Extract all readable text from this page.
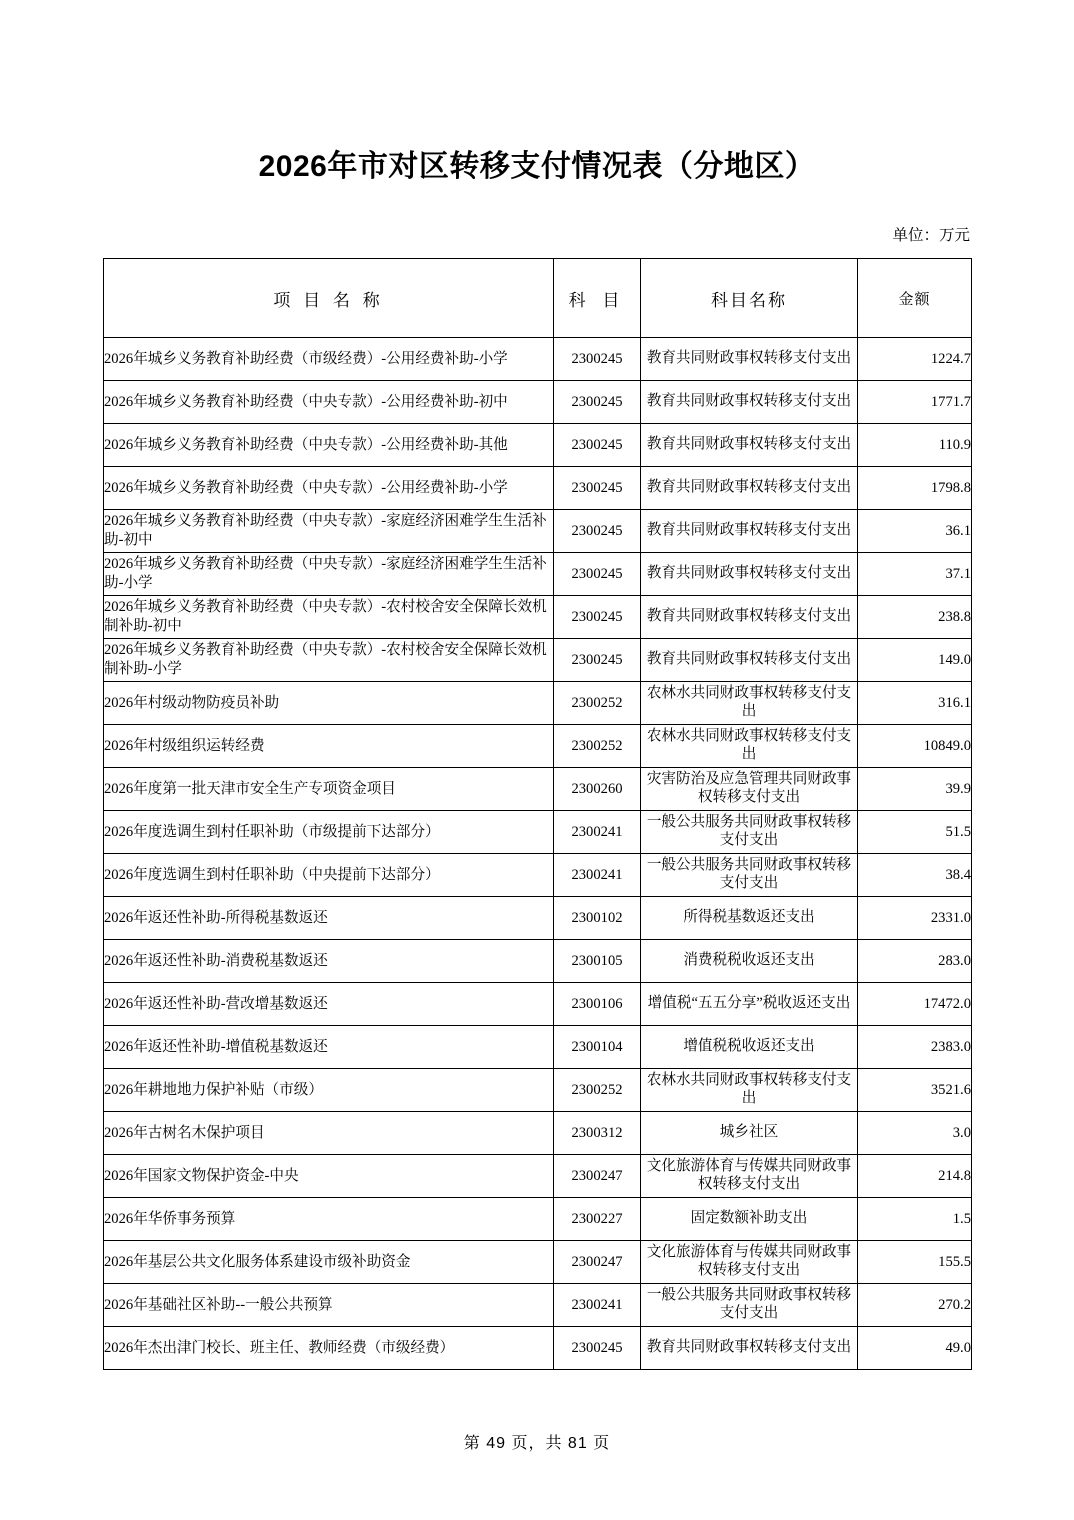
2026年市对区转移支付情况表（分地区）
单位：万元
项 目 名 称	科 目	科目名称	金额
2026年城乡义务教育补助经费（市级经费）-公用经费补助-小学	2300245	教育共同财政事权转移支付支出	1224.7
2026年城乡义务教育补助经费（中央专款）-公用经费补助-初中	2300245	教育共同财政事权转移支付支出	1771.7
2026年城乡义务教育补助经费（中央专款）-公用经费补助-其他	2300245	教育共同财政事权转移支付支出	110.9
2026年城乡义务教育补助经费（中央专款）-公用经费补助-小学	2300245	教育共同财政事权转移支付支出	1798.8
2026年城乡义务教育补助经费（中央专款）-家庭经济困难学生生活补助-初中	2300245	教育共同财政事权转移支付支出	36.1
2026年城乡义务教育补助经费（中央专款）-家庭经济困难学生生活补助-小学	2300245	教育共同财政事权转移支付支出	37.1
2026年城乡义务教育补助经费（中央专款）-农村校舍安全保障长效机制补助-初中	2300245	教育共同财政事权转移支付支出	238.8
2026年城乡义务教育补助经费（中央专款）-农村校舍安全保障长效机制补助-小学	2300245	教育共同财政事权转移支付支出	149.0
2026年村级动物防疫员补助	2300252	农林水共同财政事权转移支付支出	316.1
2026年村级组织运转经费	2300252	农林水共同财政事权转移支付支出	10849.0
2026年度第一批天津市安全生产专项资金项目	2300260	灾害防治及应急管理共同财政事权转移支付支出	39.9
2026年度选调生到村任职补助（市级提前下达部分）	2300241	一般公共服务共同财政事权转移支付支出	51.5
2026年度选调生到村任职补助（中央提前下达部分）	2300241	一般公共服务共同财政事权转移支付支出	38.4
2026年返还性补助-所得税基数返还	2300102	所得税基数返还支出	2331.0
2026年返还性补助-消费税基数返还	2300105	消费税税收返还支出	283.0
2026年返还性补助-营改增基数返还	2300106	增值税“五五分享”税收返还支出	17472.0
2026年返还性补助-增值税基数返还	2300104	增值税税收返还支出	2383.0
2026年耕地地力保护补贴（市级）	2300252	农林水共同财政事权转移支付支出	3521.6
2026年古树名木保护项目	2300312	城乡社区	3.0
2026年国家文物保护资金-中央	2300247	文化旅游体育与传媒共同财政事权转移支付支出	214.8
2026年华侨事务预算	2300227	固定数额补助支出	1.5
2026年基层公共文化服务体系建设市级补助资金	2300247	文化旅游体育与传媒共同财政事权转移支付支出	155.5
2026年基础社区补助--一般公共预算	2300241	一般公共服务共同财政事权转移支付支出	270.2
2026年杰出津门校长、班主任、教师经费（市级经费）	2300245	教育共同财政事权转移支付支出	49.0
第 49 页，共 81 页
